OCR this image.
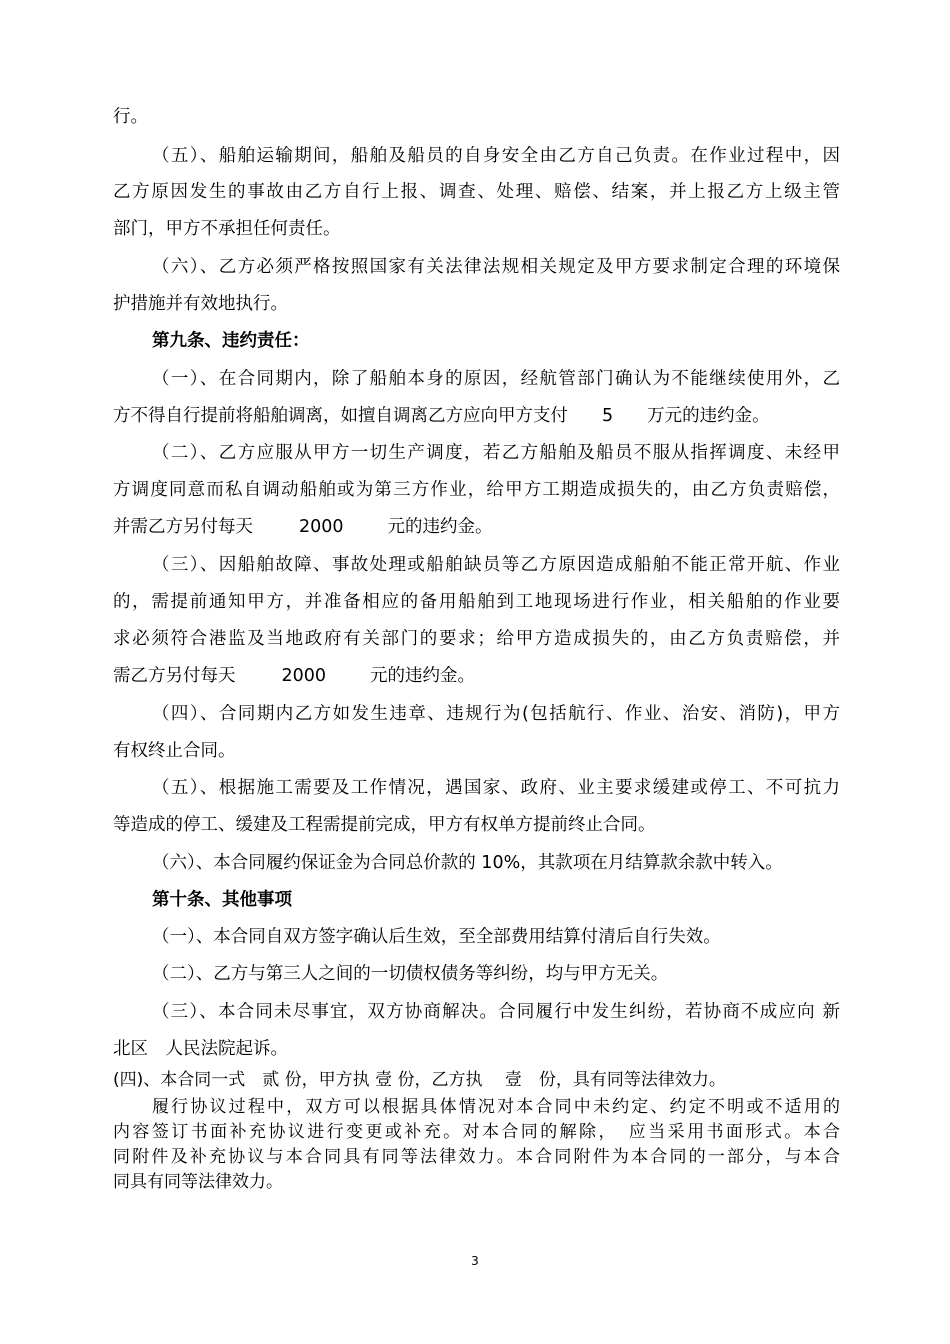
行。
（五）、船舶运输期间，船舶及船员的自身安全由乙方自己负责。在作业过程中，因
乙方原因发生的事故由乙方自行上报、调查、处理、赔偿、结案，并上报乙方上级主管
部门，甲方不承担任何责任。
（六）、乙方必须严格按照国家有关法律法规相关规定及甲方要求制定合理的环境保
护措施并有效地执行。
第九条、违约责任：
（一）、在合同期内，除了船舶本身的原因，经航管部门确认为不能继续使用外，乙
方不得自行提前将船舶调离，如擅自调离乙方应向甲方支付 5 万元的违约金。
（二）、乙方应服从甲方一切生产调度，若乙方船舶及船员不服从指挥调度、未经甲
方调度同意而私自调动船舶或为第三方作业，给甲方工期造成损失的，由乙方负责赔偿，
并需乙方另付每天	2000	元的违约金。
（三）、因船舶故障、事故处理或船舶缺员等乙方原因造成船舶不能正常开航、作业
的，需提前通知甲方，并准备相应的备用船舶到工地现场进行作业，相关船舶的作业要
求必须符合港监及当地政府有关部门的要求；给甲方造成损失的，由乙方负责赔偿，并
需乙方另付每天	2000	元的违约金。
（四）、合同期内乙方如发生违章、违规行为(包括航行、作业、治安、消防)，甲方
有权终止合同。
（五）、根据施工需要及工作情况，遇国家、政府、业主要求缓建或停工、不可抗力
等造成的停工、缓建及工程需提前完成，甲方有权单方提前终止合同。
（六）、本合同履约保证金为合同总价款的 10%，其款项在月结算款余款中转入。
第十条、其他事项
（一）、本合同自双方签字确认后生效，至全部费用结算付清后自行失效。
（二）、乙方与第三人之间的一切债权债务等纠纷，均与甲方无关。
（三）、本合同未尽事宜，双方协商解决。合同履行中发生纠纷，若协商不成应向 新
北区　人民法院起诉。
(四)、本合同一式　贰 份，甲方执 壹 份，乙方执　 壹　份，具有同等法律效力。
履行协议过程中，双方可以根据具体情况对本合同中未约定、约定不明或不适用的
内容签订书面补充协议进行变更或补充。对本合同的解除，　应当采用书面形式。本合
同附件及补充协议与本合同具有同等法律效力。本合同附件为本合同的一部分，与本合
同具有同等法律效力。
3
